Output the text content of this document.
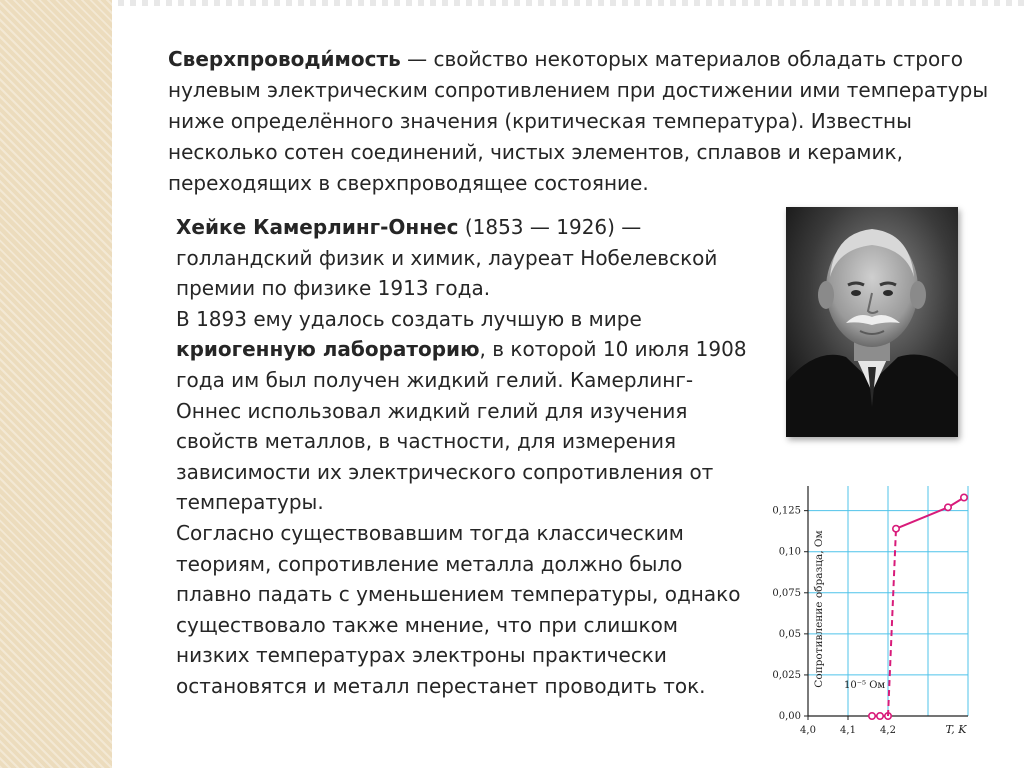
Сверхпроводи́мость — свойство некоторых материалов обладать строго нулевым электрическим сопротивлением при достижении ими температуры ниже определённого значения (критическая температура). Известны несколько сотен соединений, чистых элементов, сплавов и керамик, переходящих в сверхпроводящее состояние.

Хейке Камерлинг-Оннес (1853 — 1926) — голландский физик и химик, лауреат Нобелевской премии по физике 1913 года.

В 1893 ему удалось создать лучшую в мире криогенную лабораторию, в которой 10 июля 1908 года им был получен жидкий гелий. Камерлинг-Оннес использовал жидкий гелий для изучения свойств металлов, в частности, для измерения зависимости их электрического сопротивления от температуры.

Согласно существовавшим тогда классическим теориям, сопротивление металла должно было плавно падать с уменьшением температуры, однако существовало также мнение, что при слишком низких температурах электроны практически остановятся и металл перестанет проводить ток.

0,00
0,025
0,05
0,075
0,10
0,125
4,0 4,1 4,2	T, K
Сопротивление образца, Ом 10⁻⁵ Ом
